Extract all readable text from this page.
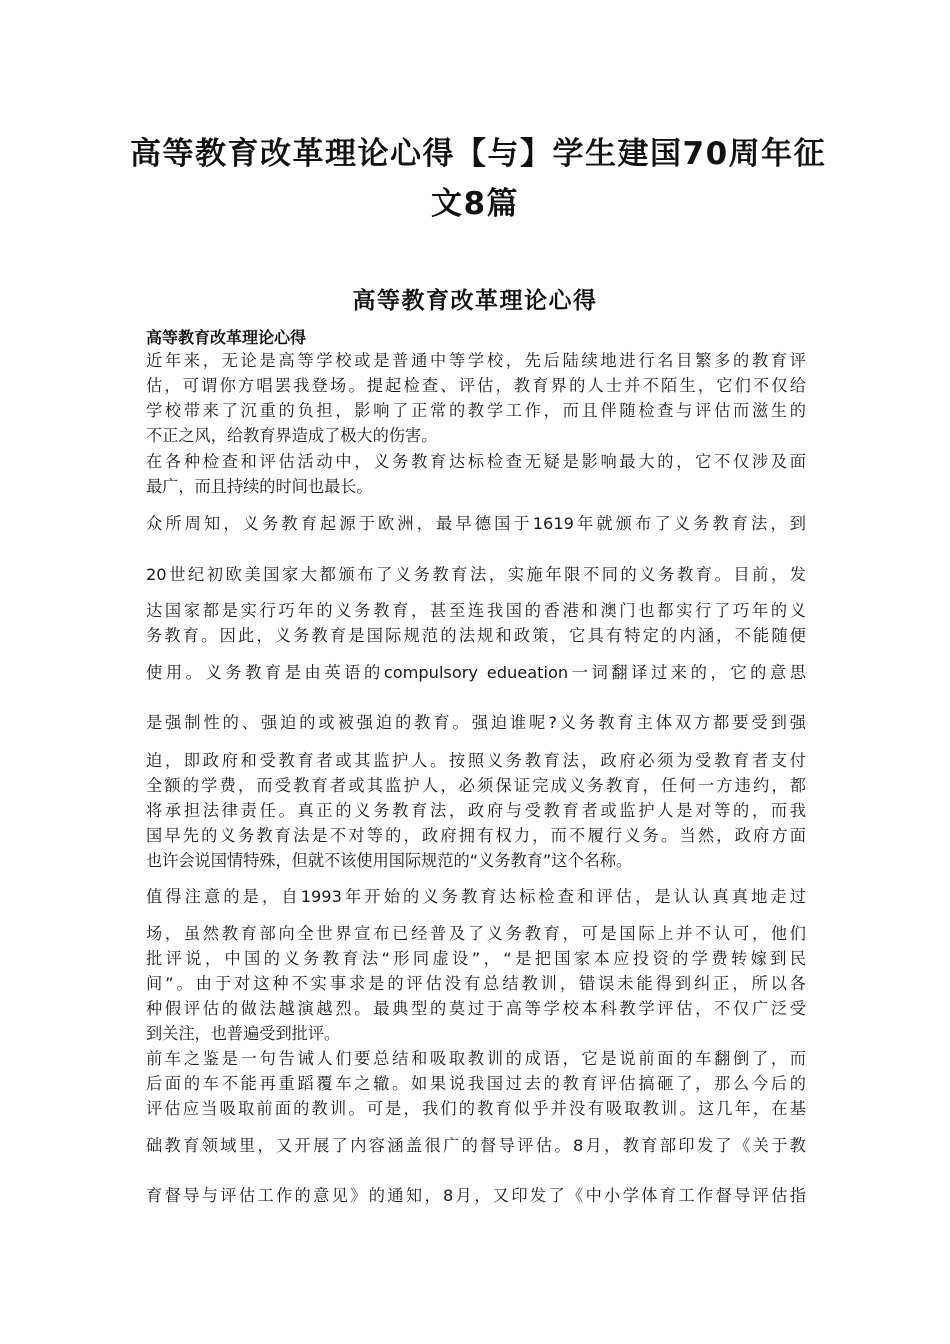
高等教育改革理论心得【与】学生建国70周年征
文8篇
高等教育改革理论心得
高等教育改革理论心得
近年来，无论是高等学校或是普通中等学校，先后陆续地进行名目繁多的教育评
估，可谓你方唱罢我登场。提起检查、评估，教育界的人士并不陌生，它们不仅给
学校带来了沉重的负担，影响了正常的教学工作，而且伴随检查与评估而滋生的
不正之风，给教育界造成了极大的伤害。
在各种检查和评估活动中，义务教育达标检查无疑是影响最大的，它不仅涉及面
最广，而且持续的时间也最长。
众所周知，义务教育起源于欧洲，最早德国于1619年就颁布了义务教育法，到
20世纪初欧美国家大都颁布了义务教育法，实施年限不同的义务教育。目前，发
达国家都是实行巧年的义务教育，甚至连我国的香港和澳门也都实行了巧年的义
务教育。因此，义务教育是国际规范的法规和政策，它具有特定的内涵，不能随便
使用。义务教育是由英语的compulsory edueation一词翻译过来的，它的意思
是强制性的、强迫的或被强迫的教育。强迫谁呢?义务教育主体双方都要受到强
迫，即政府和受教育者或其监护人。按照义务教育法，政府必须为受教育者支付
全额的学费，而受教育者或其监护人，必须保证完成义务教育，任何一方违约，都
将承担法律责任。真正的义务教育法，政府与受教育者或监护人是对等的，而我
国早先的义务教育法是不对等的，政府拥有权力，而不履行义务。当然，政府方面
也许会说国情特殊，但就不该使用国际规范的“义务教育”这个名称。
值得注意的是，自1993年开始的义务教育达标检查和评估，是认认真真地走过
场，虽然教育部向全世界宣布已经普及了义务教育，可是国际上并不认可，他们
批评说，中国的义务教育法“形同虚设”，“是把国家本应投资的学费转嫁到民
间”。由于对这种不实事求是的评估没有总结教训，错误未能得到纠正，所以各
种假评估的做法越演越烈。最典型的莫过于高等学校本科教学评估，不仅广泛受
到关注，也普遍受到批评。
前车之鉴是一句告诫人们要总结和吸取教训的成语，它是说前面的车翻倒了，而
后面的车不能再重蹈覆车之辙。如果说我国过去的教育评估搞砸了，那么今后的
评估应当吸取前面的教训。可是，我们的教育似乎并没有吸取教训。这几年，在基
础教育领域里，又开展了内容涵盖很广的督导评估。8月，教育部印发了《关于教
育督导与评估工作的意见》的通知，8月，又印发了《中小学体育工作督导评估指
